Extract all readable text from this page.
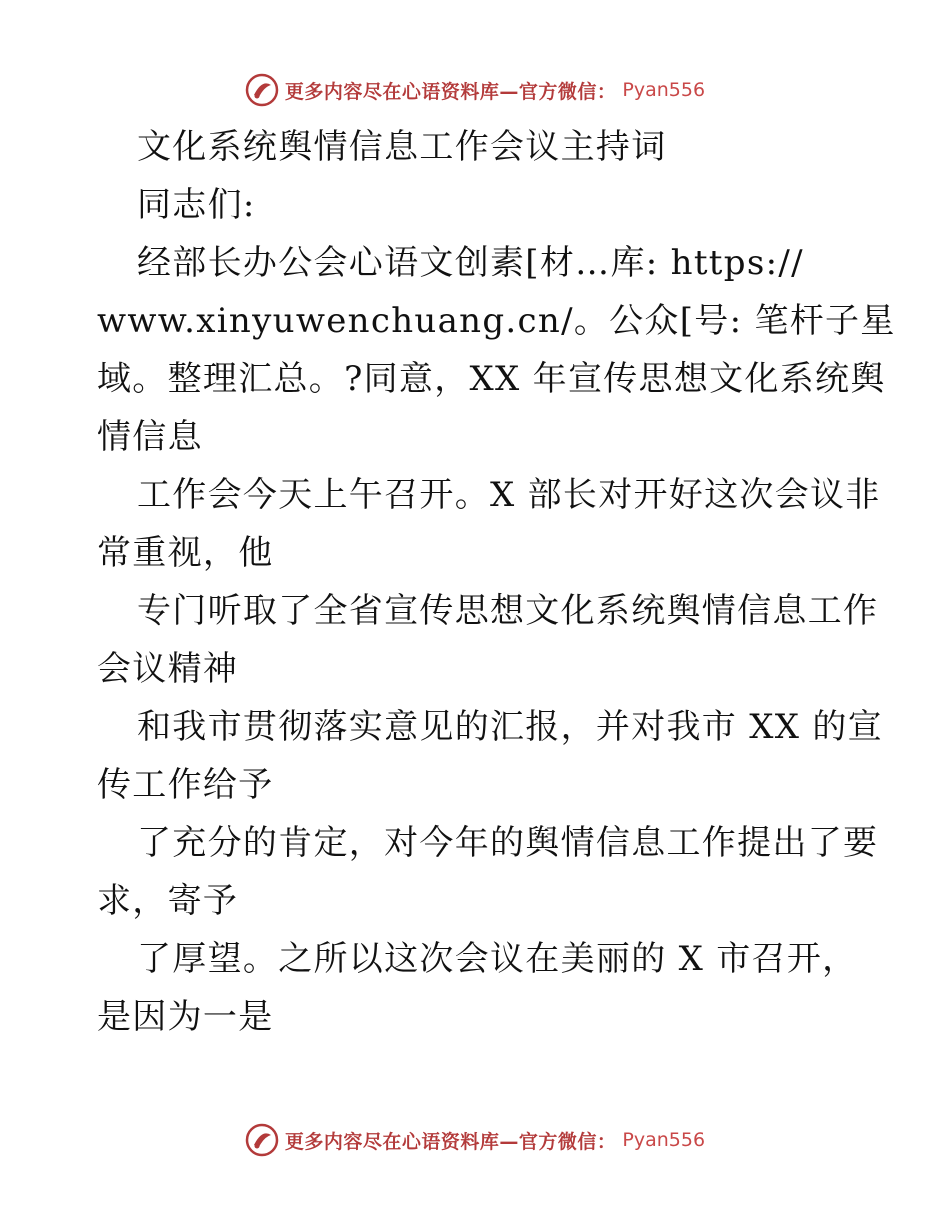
更多内容尽在心语资料库—官方微信： Pyan556
文化系统舆情信息工作会议主持词
同志们:
经部长办公会心语文创素[材…库: https://
www.xinyuwenchuang.cn/。公众[号: 笔杆子星
域。整理汇总。?同意，XX 年宣传思想文化系统舆
情信息
工作会今天上午召开。X 部长对开好这次会议非
常重视，他
专门听取了全省宣传思想文化系统舆情信息工作
会议精神
和我市贯彻落实意见的汇报，并对我市 XX 的宣
传工作给予
了充分的肯定，对今年的舆情信息工作提出了要
求，寄予
了厚望。之所以这次会议在美丽的 X 市召开，
是因为一是
更多内容尽在心语资料库—官方微信： Pyan556
